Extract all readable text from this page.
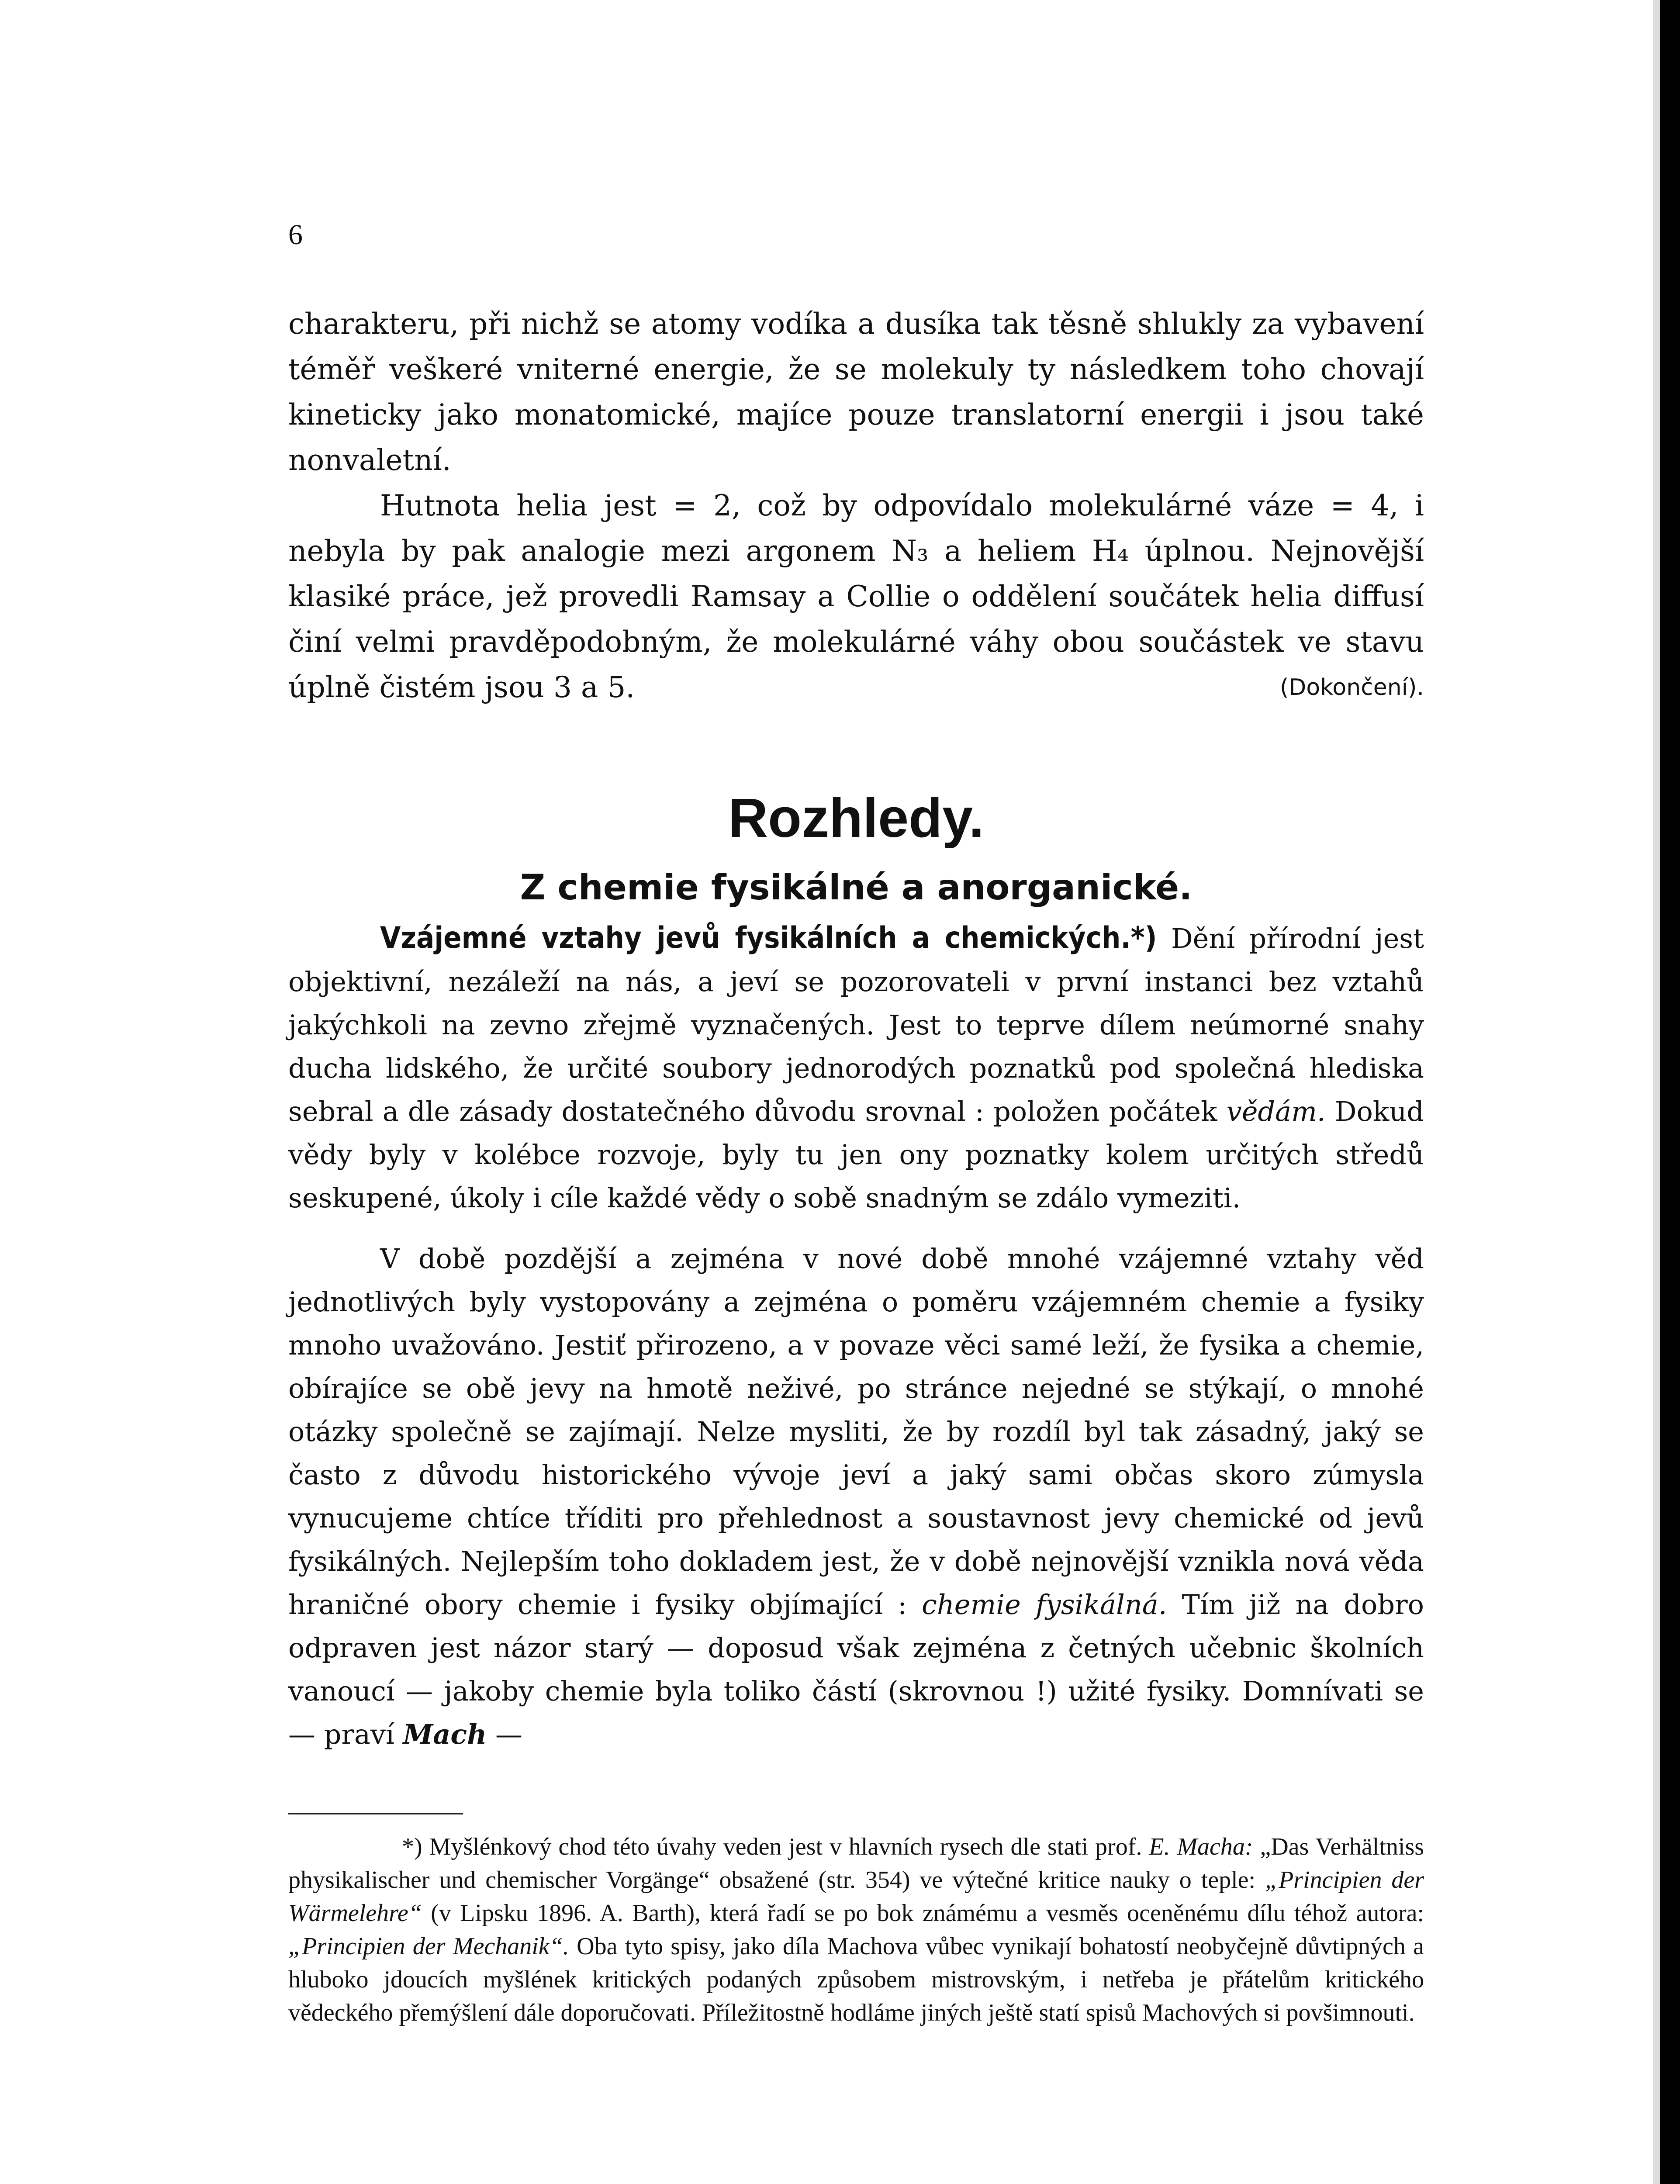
6

charakteru, při nichž se atomy vodíka a dusíka tak těsně shlukly za vybavení téměř veškeré vniterné energie, že se molekuly ty následkem toho chovají kineticky jako monatomické, majíce pouze translatorní energii i jsou také nonvaletní.

Hutnota helia jest = 2, což by odpovídalo molekulárné váze = 4, i nebyla by pak analogie mezi argonem N₃ a heliem H₄ úplnou. Nejnovější klasiké práce, jež provedli Ramsay a Collie o oddělení součátek helia diffusí činí velmi pravděpodobným, že molekulárné váhy obou součástek ve stavu úplně čistém jsou 3 a 5.	(Dokončení).

Rozhledy.
Z chemie fysikálné a anorganické.

Vzájemné vztahy jevů fysikálních a chemických.*) Dění přírodní jest objektivní, nezáleží na nás, a jeví se pozorovateli v první instanci bez vztahů jakýchkoli na zevno zřejmě vyznačených. Jest to teprve dílem neúmorné snahy ducha lidského, že určité soubory jednorodých poznatků pod společná hlediska sebral a dle zásady dostatečného důvodu srovnal : položen počátek vědám. Dokud vědy byly v kolébce rozvoje, byly tu jen ony poznatky kolem určitých středů seskupené, úkoly i cíle každé vědy o sobě snadným se zdálo vymeziti.

V době pozdější a zejména v nové době mnohé vzájemné vztahy věd jednotlivých byly vystopovány a zejména o poměru vzájemném chemie a fysiky mnoho uvažováno. Jestiť přirozeno, a v povaze věci samé leží, že fysika a chemie, obírajíce se obě jevy na hmotě neživé, po stránce nejedné se stýkají, o mnohé otázky společně se zajímají. Nelze mysliti, že by rozdíl byl tak zásadný, jaký se často z důvodu historického vývoje jeví a jaký sami občas skoro zúmysla vynucujeme chtíce tříditi pro přehlednost a soustavnost jevy chemické od jevů fysikálných. Nejlepším toho dokladem jest, že v době nejnovější vznikla nová věda hraničné obory chemie i fysiky objímající : chemie fysikálná. Tím již na dobro odpraven jest názor starý — doposud však zejména z četných učebnic školních vanoucí — jakoby chemie byla toliko částí (skrovnou !) užité fysiky. Domnívati se — praví Mach —

*) Myšlénkový chod této úvahy veden jest v hlavních rysech dle stati prof. E. Macha: „Das Verhältniss physikalischer und chemischer Vorgänge“ obsažené (str. 354) ve výtečné kritice nauky o teple: „Principien der Wärmelehre“ (v Lipsku 1896. A. Barth), která řadí se po bok známému a vesměs oceněnému dílu téhož autora: „Principien der Mechanik“. Oba tyto spisy, jako díla Machova vůbec vynikají bohatostí neobyčejně důvtipných a hluboko jdoucích myšlének kritických podaných způsobem mistrovským, i netřeba je přátelům kritického vědeckého přemýšlení dále doporučovati. Příležitostně hodláme jiných ještě statí spisů Machových si povšimnouti.
